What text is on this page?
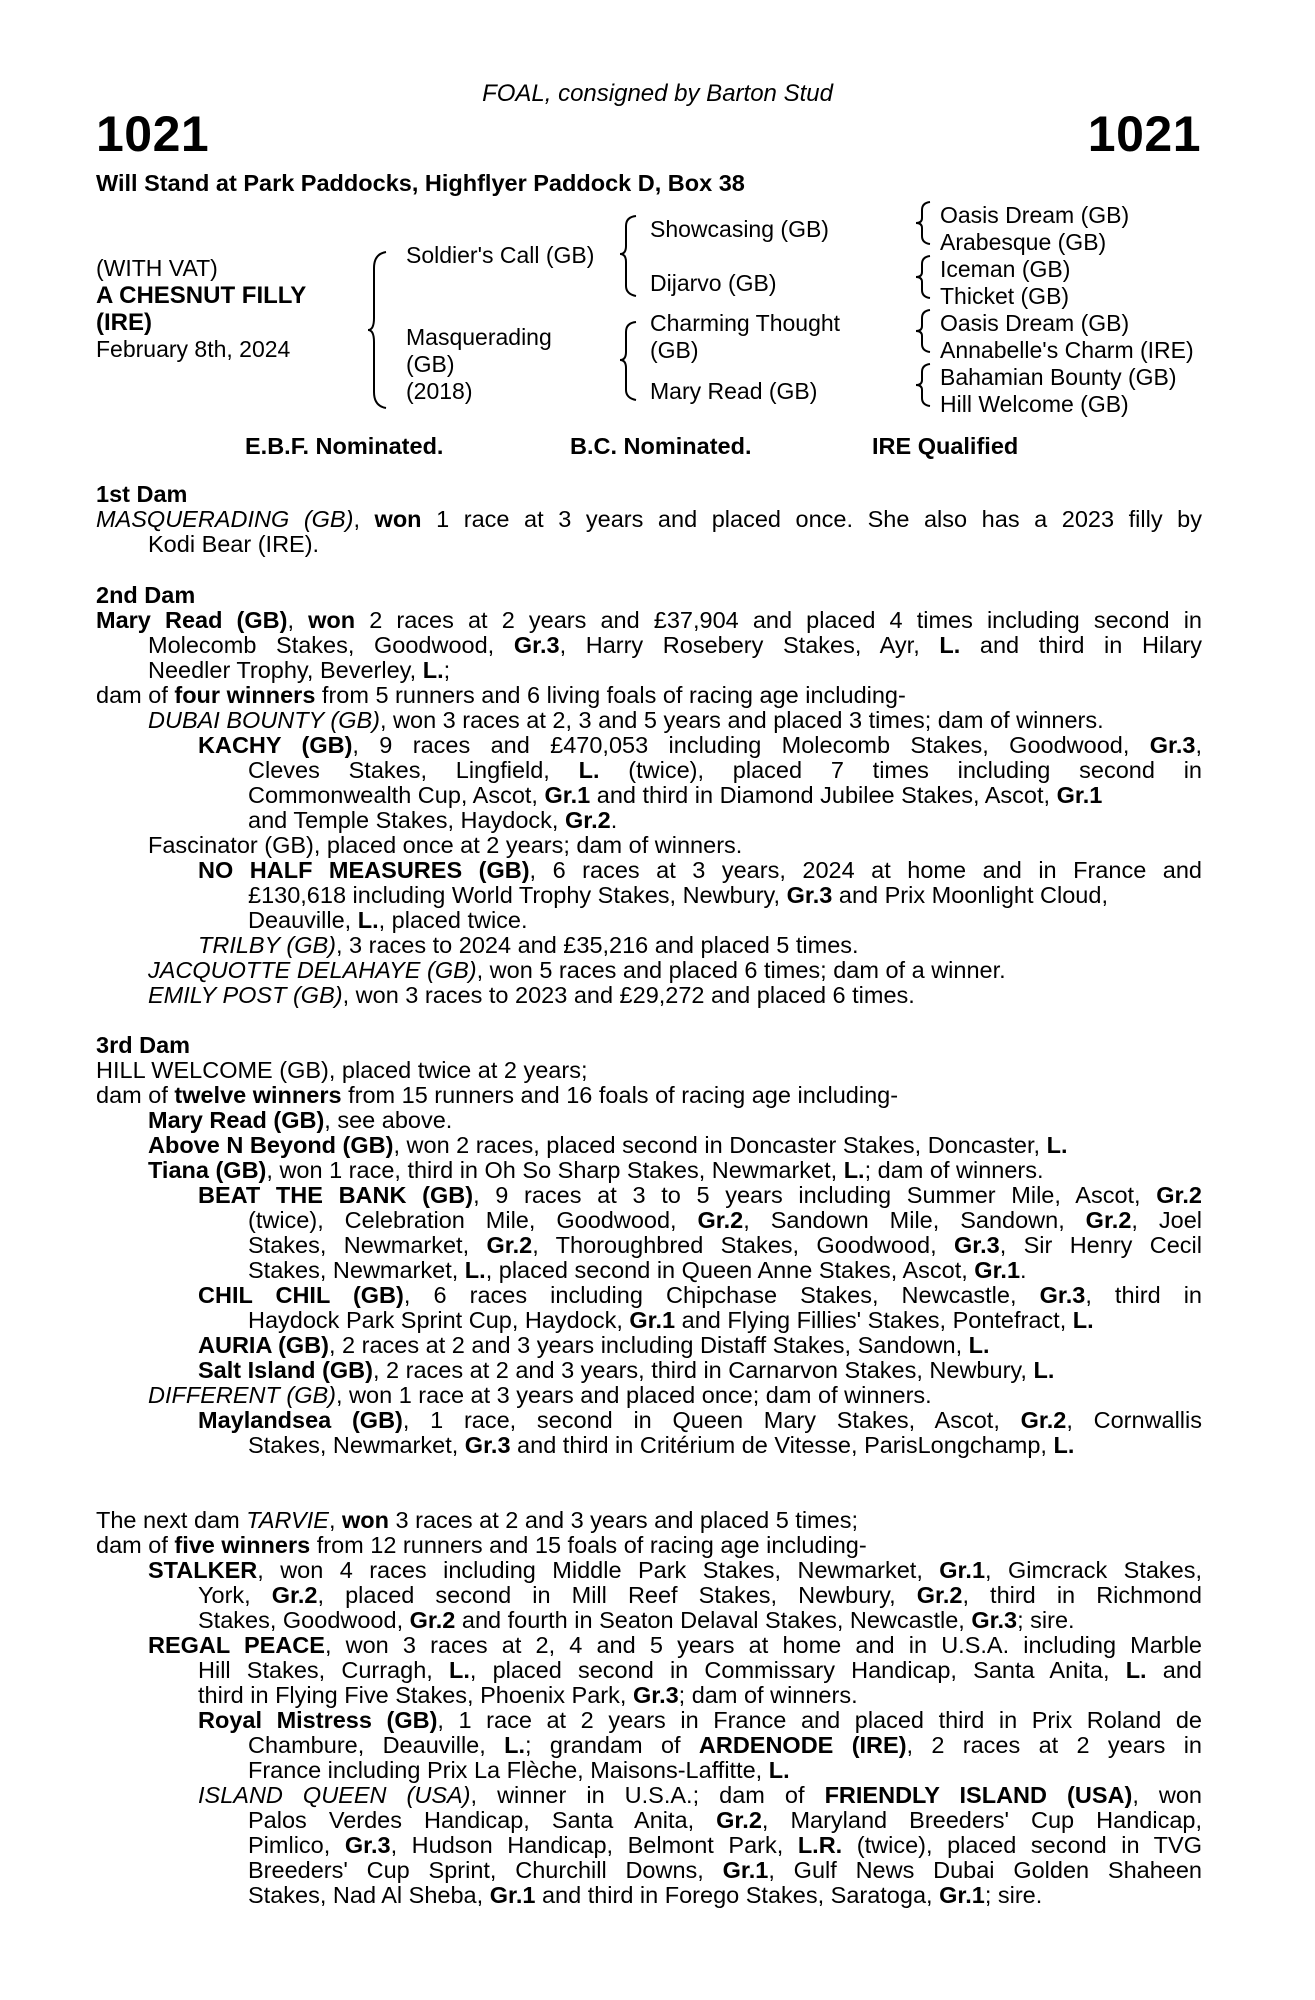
FOAL, consigned by Barton Stud
1021	1021
Will Stand at Park Paddocks, Highflyer Paddock D, Box 38
(WITH VAT)
A CHESNUT FILLY
(IRE)
February 8th, 2024
Soldier's Call (GB)
Masquerading
(GB)
(2018)
Showcasing (GB)
Dijarvo (GB)
Charming Thought
(GB)
Mary Read (GB)
Oasis Dream (GB)
Arabesque (GB)
Iceman (GB)
Thicket (GB)
Oasis Dream (GB)
Annabelle's Charm (IRE)
Bahamian Bounty (GB)
Hill Welcome (GB)
E.B.F. Nominated.	B.C. Nominated.	IRE Qualified
1st Dam
MASQUERADING (GB), won 1 race at 3 years and placed once. She also has a 2023 filly by
Kodi Bear (IRE).
2nd Dam
Mary Read (GB), won 2 races at 2 years and £37,904 and placed 4 times including second in
Molecomb Stakes, Goodwood, Gr.3, Harry Rosebery Stakes, Ayr, L. and third in Hilary
Needler Trophy, Beverley, L.;
dam of four winners from 5 runners and 6 living foals of racing age including-
DUBAI BOUNTY (GB), won 3 races at 2, 3 and 5 years and placed 3 times; dam of winners.
KACHY (GB), 9 races and £470,053 including Molecomb Stakes, Goodwood, Gr.3,
Cleves Stakes, Lingfield, L. (twice), placed 7 times including second in
Commonwealth Cup, Ascot, Gr.1 and third in Diamond Jubilee Stakes, Ascot, Gr.1
and Temple Stakes, Haydock, Gr.2.
Fascinator (GB), placed once at 2 years; dam of winners.
NO HALF MEASURES (GB), 6 races at 3 years, 2024 at home and in France and
£130,618 including World Trophy Stakes, Newbury, Gr.3 and Prix Moonlight Cloud,
Deauville, L., placed twice.
TRILBY (GB), 3 races to 2024 and £35,216 and placed 5 times.
JACQUOTTE DELAHAYE (GB), won 5 races and placed 6 times; dam of a winner.
EMILY POST (GB), won 3 races to 2023 and £29,272 and placed 6 times.
3rd Dam
HILL WELCOME (GB), placed twice at 2 years;
dam of twelve winners from 15 runners and 16 foals of racing age including-
Mary Read (GB), see above.
Above N Beyond (GB), won 2 races, placed second in Doncaster Stakes, Doncaster, L.
Tiana (GB), won 1 race, third in Oh So Sharp Stakes, Newmarket, L.; dam of winners.
BEAT THE BANK (GB), 9 races at 3 to 5 years including Summer Mile, Ascot, Gr.2
(twice), Celebration Mile, Goodwood, Gr.2, Sandown Mile, Sandown, Gr.2, Joel
Stakes, Newmarket, Gr.2, Thoroughbred Stakes, Goodwood, Gr.3, Sir Henry Cecil
Stakes, Newmarket, L., placed second in Queen Anne Stakes, Ascot, Gr.1.
CHIL CHIL (GB), 6 races including Chipchase Stakes, Newcastle, Gr.3, third in
Haydock Park Sprint Cup, Haydock, Gr.1 and Flying Fillies' Stakes, Pontefract, L.
AURIA (GB), 2 races at 2 and 3 years including Distaff Stakes, Sandown, L.
Salt Island (GB), 2 races at 2 and 3 years, third in Carnarvon Stakes, Newbury, L.
DIFFERENT (GB), won 1 race at 3 years and placed once; dam of winners.
Maylandsea (GB), 1 race, second in Queen Mary Stakes, Ascot, Gr.2, Cornwallis
Stakes, Newmarket, Gr.3 and third in Critérium de Vitesse, ParisLongchamp, L.
The next dam TARVIE, won 3 races at 2 and 3 years and placed 5 times;
dam of five winners from 12 runners and 15 foals of racing age including-
STALKER, won 4 races including Middle Park Stakes, Newmarket, Gr.1, Gimcrack Stakes,
York, Gr.2, placed second in Mill Reef Stakes, Newbury, Gr.2, third in Richmond
Stakes, Goodwood, Gr.2 and fourth in Seaton Delaval Stakes, Newcastle, Gr.3; sire.
REGAL PEACE, won 3 races at 2, 4 and 5 years at home and in U.S.A. including Marble
Hill Stakes, Curragh, L., placed second in Commissary Handicap, Santa Anita, L. and
third in Flying Five Stakes, Phoenix Park, Gr.3; dam of winners.
Royal Mistress (GB), 1 race at 2 years in France and placed third in Prix Roland de
Chambure, Deauville, L.; grandam of ARDENODE (IRE), 2 races at 2 years in
France including Prix La Flèche, Maisons-Laffitte, L.
ISLAND QUEEN (USA), winner in U.S.A.; dam of FRIENDLY ISLAND (USA), won
Palos Verdes Handicap, Santa Anita, Gr.2, Maryland Breeders' Cup Handicap,
Pimlico, Gr.3, Hudson Handicap, Belmont Park, L.R. (twice), placed second in TVG
Breeders' Cup Sprint, Churchill Downs, Gr.1, Gulf News Dubai Golden Shaheen
Stakes, Nad Al Sheba, Gr.1 and third in Forego Stakes, Saratoga, Gr.1; sire.
